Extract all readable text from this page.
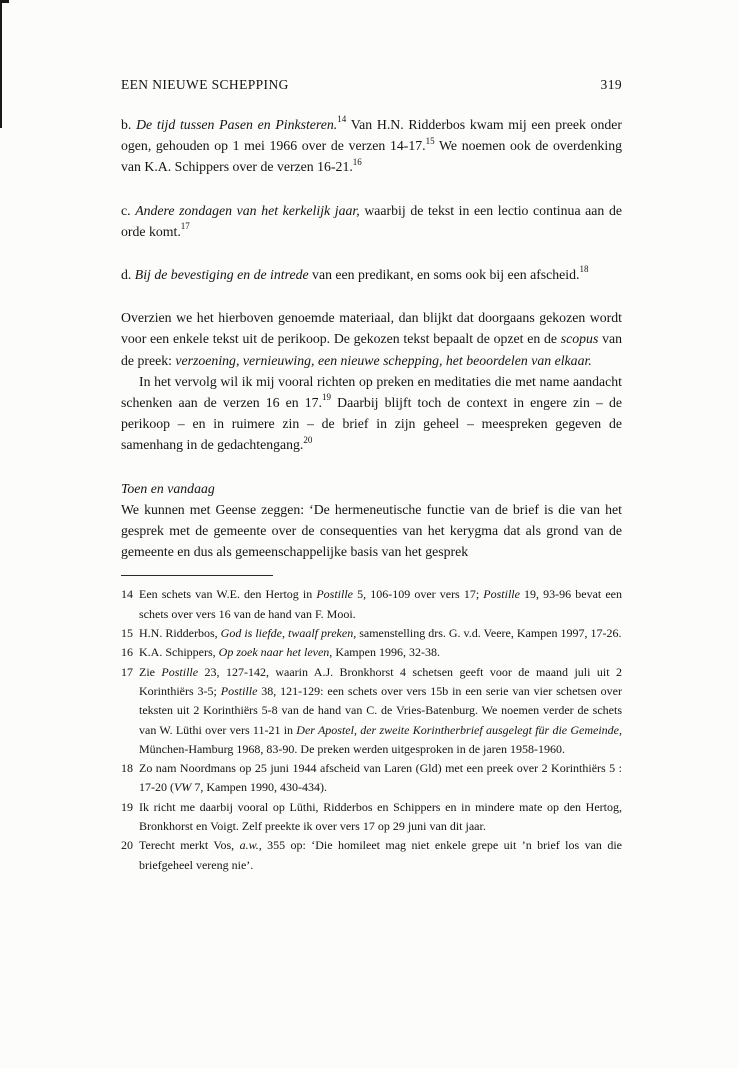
EEN NIEUWE SCHEPPING	319

b. De tijd tussen Pasen en Pinksteren.$^{14}$ Van H.N. Ridderbos kwam mij een preek onder ogen, gehouden op 1 mei 1966 over de verzen 14-17.15 We noemen ook de overdenking van K.A. Schippers over de verzen 16-21.16

c. Andere zondagen van het kerkelijk jaar, waarbij de tekst in een lectio continua aan de orde komt.$^{17}$

d. Bij de bevestiging en de intrede van een predikant, en soms ook bij een afscheid.$^{18}$

Overzien we het hierboven genoemde materiaal, dan blijkt dat doorgaans gekozen wordt voor een enkele tekst uit de perikoop. De gekozen tekst bepaalt de opzet en de scopus van de preek: verzoening, vernieuwing, een nieuwe schepping, het beoordelen van elkaar.

In het vervolg wil ik mij vooral richten op preken en meditaties die met name aandacht schenken aan de verzen 16 en 17.19 Daarbij blijft toch de context in engere zin – de perikoop – en in ruimere zin – de brief in zijn geheel – meespreken gegeven de samenhang in de gedachtengang.$^{20}$

Toen en vandaag

We kunnen met Geense zeggen: ‘De hermeneutische functie van de brief is die van het gesprek met de gemeente over de consequenties van het kerygma dat als grond van de gemeente en dus als gemeenschappelijke basis van het gesprek

14 Een schets van W.E. den Hertog in Postille 5, 106-109 over vers 17; Postille 19, 93-96 bevat een schets over vers 16 van de hand van F. Mooi.

15 H.N. Ridderbos, God is liefde, twaalf preken, samenstelling drs. G. v.d. Veere, Kampen 1997, 17-26.

16 K.A. Schippers, Op zoek naar het leven, Kampen 1996, 32-38.

17 Zie Postille 23, 127-142, waarin A.J. Bronkhorst 4 schetsen geeft voor de maand juli uit 2 Korinthiërs 3-5; Postille 38, 121-129: een schets over vers 15b in een serie van vier schetsen over teksten uit 2 Korinthiërs 5-8 van de hand van C. de Vries-Batenburg. We noemen verder de schets van W. Lüthi over vers 11-21 in Der Apostel, der zweite Korintherbrief ausgelegt für die Gemeinde, München-Hamburg 1968, 83-90. De preken werden uitgesproken in de jaren 1958-1960.

18 Zo nam Noordmans op 25 juni 1944 afscheid van Laren (Gld) met een preek over 2 Korinthiërs 5 : 17-20 (VW 7, Kampen 1990, 430-434).

19 Ik richt me daarbij vooral op Lüthi, Ridderbos en Schippers en in mindere mate op den Hertog, Bronkhorst en Voigt. Zelf preekte ik over vers 17 op 29 juni van dit jaar.

20 Terecht merkt Vos, a.w., 355 op: ‘Die homileet mag niet enkele grepe uit ’n brief los van die briefgeheel vereng nie’.
